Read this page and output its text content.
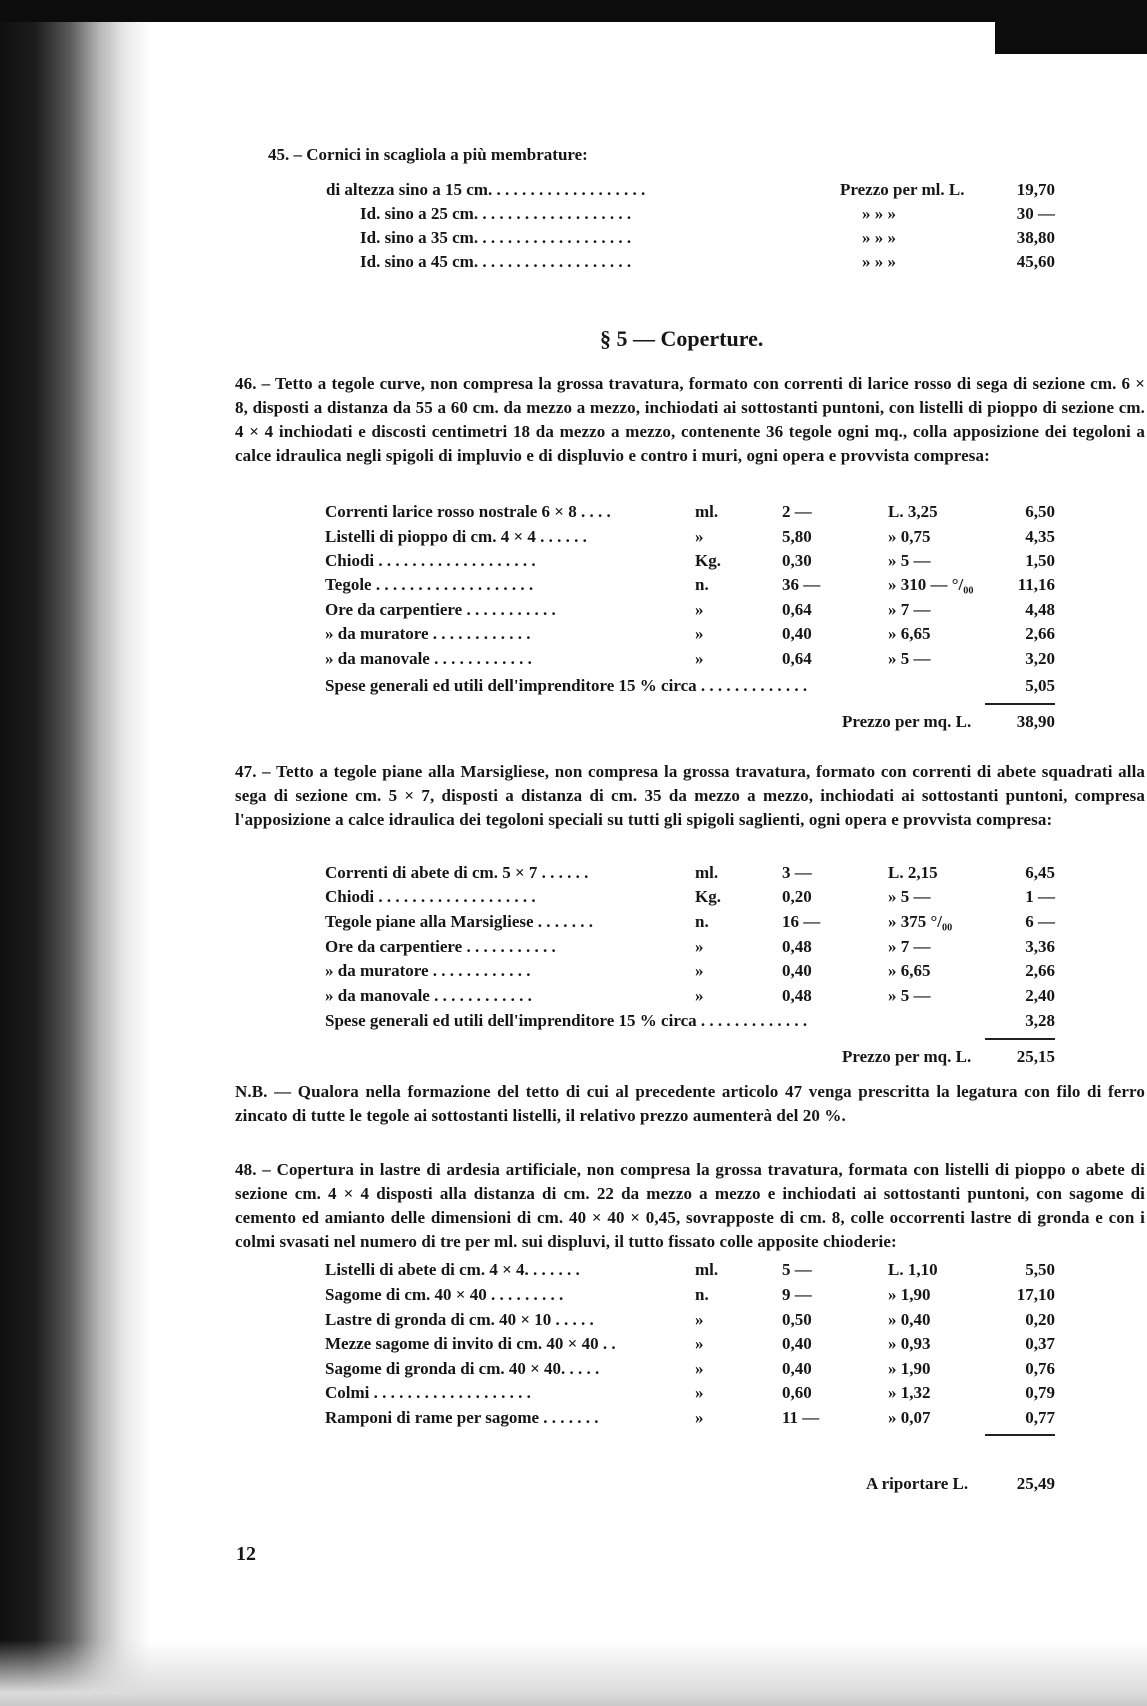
45. – Cornici in scagliola a più membrature:
di altezza sino a 15 cm. . . . . . . . . . . . . . . . . . .	Prezzo per ml. L.	19,70
Id. sino a 25 cm. . . . . . . . . . . . . . . . . . .	» » »	30 —
Id. sino a 35 cm. . . . . . . . . . . . . . . . . . .	» » »	38,80
Id. sino a 45 cm. . . . . . . . . . . . . . . . . . .	» » »	45,60
§ 5 — Coperture.
46. – Tetto a tegole curve, non compresa la grossa travatura, formato con correnti di larice rosso di sega di sezione cm. 6 × 8, disposti a distanza da 55 a 60 cm. da mezzo a mezzo, inchiodati ai sottostanti puntoni, con listelli di pioppo di sezione cm. 4 × 4 inchiodati e discosti centimetri 18 da mezzo a mezzo, contenente 36 tegole ogni mq., colla apposizione dei tegoloni a calce idraulica negli spigoli di impluvio e di displuvio e contro i muri, ogni opera e provvista compresa:
Correnti larice rosso nostrale 6 × 8 . . . .	ml.	2 —	L. 3,25	6,50
Listelli di pioppo di cm. 4 × 4 . . . . . .	»	5,80	» 0,75	4,35
Chiodi . . . . . . . . . . . . . . . . . . .	Kg.	0,30	» 5 —	1,50
Tegole . . . . . . . . . . . . . . . . . . .	n.	36 —	» 310 — °/₀₀	11,16
Ore da carpentiere . . . . . . . . . . .	»	0,64	» 7 —	4,48
» da muratore . . . . . . . . . . . .	»	0,40	» 6,65	2,66
» da manovale . . . . . . . . . . . .	»	0,64	» 5 —	3,20
Spese generali ed utili dell'imprenditore 15 % circa . . . . . . . . . . . . .	5,05
Prezzo per mq. L.	38,90
47. – Tetto a tegole piane alla Marsigliese, non compresa la grossa travatura, formato con correnti di abete squadrati alla sega di sezione cm. 5 × 7, disposti a distanza di cm. 35 da mezzo a mezzo, inchiodati ai sottostanti puntoni, compresa l'apposizione a calce idraulica dei tegoloni speciali su tutti gli spigoli saglienti, ogni opera e provvista compresa:
Correnti di abete di cm. 5 × 7 . . . . . .	ml.	3 —	L. 2,15	6,45
Chiodi . . . . . . . . . . . . . . . . . . .	Kg.	0,20	» 5 —	1 —
Tegole piane alla Marsigliese . . . . . . .	n.	16 —	» 375 °/₀₀	6 —
Ore da carpentiere . . . . . . . . . . .	»	0,48	» 7 —	3,36
» da muratore . . . . . . . . . . . .	»	0,40	» 6,65	2,66
» da manovale . . . . . . . . . . . .	»	0,48	» 5 —	2,40
Spese generali ed utili dell'imprenditore 15 % circa . . . . . . . . . . . . .	3,28
Prezzo per mq. L.	25,15
N.B. — Qualora nella formazione del tetto di cui al precedente articolo 47 venga prescritta la legatura con filo di ferro zincato di tutte le tegole ai sottostanti listelli, il relativo prezzo aumenterà del 20 %.
48. – Copertura in lastre di ardesia artificiale, non compresa la grossa travatura, formata con listelli di pioppo o abete di sezione cm. 4 × 4 disposti alla distanza di cm. 22 da mezzo a mezzo e inchiodati ai sottostanti puntoni, con sagome di cemento ed amianto delle dimensioni di cm. 40 × 40 × 0,45, sovrapposte di cm. 8, colle occorrenti lastre di gronda e con i colmi svasati nel numero di tre per ml. sui displuvi, il tutto fissato colle apposite chioderie:
Listelli di abete di cm. 4 × 4. . . . . . .	ml.	5 —	L. 1,10	5,50
Sagome di cm. 40 × 40 . . . . . . . . .	n.	9 —	» 1,90	17,10
Lastre di gronda di cm. 40 × 10 . . . . .	»	0,50	» 0,40	0,20
Mezze sagome di invito di cm. 40 × 40 . .	»	0,40	» 0,93	0,37
Sagome di gronda di cm. 40 × 40. . . . .	»	0,40	» 1,90	0,76
Colmi . . . . . . . . . . . . . . . . . . .	»	0,60	» 1,32	0,79
Ramponi di rame per sagome . . . . . . .	»	11 —	» 0,07	0,77
A riportare L.	25,49
12
